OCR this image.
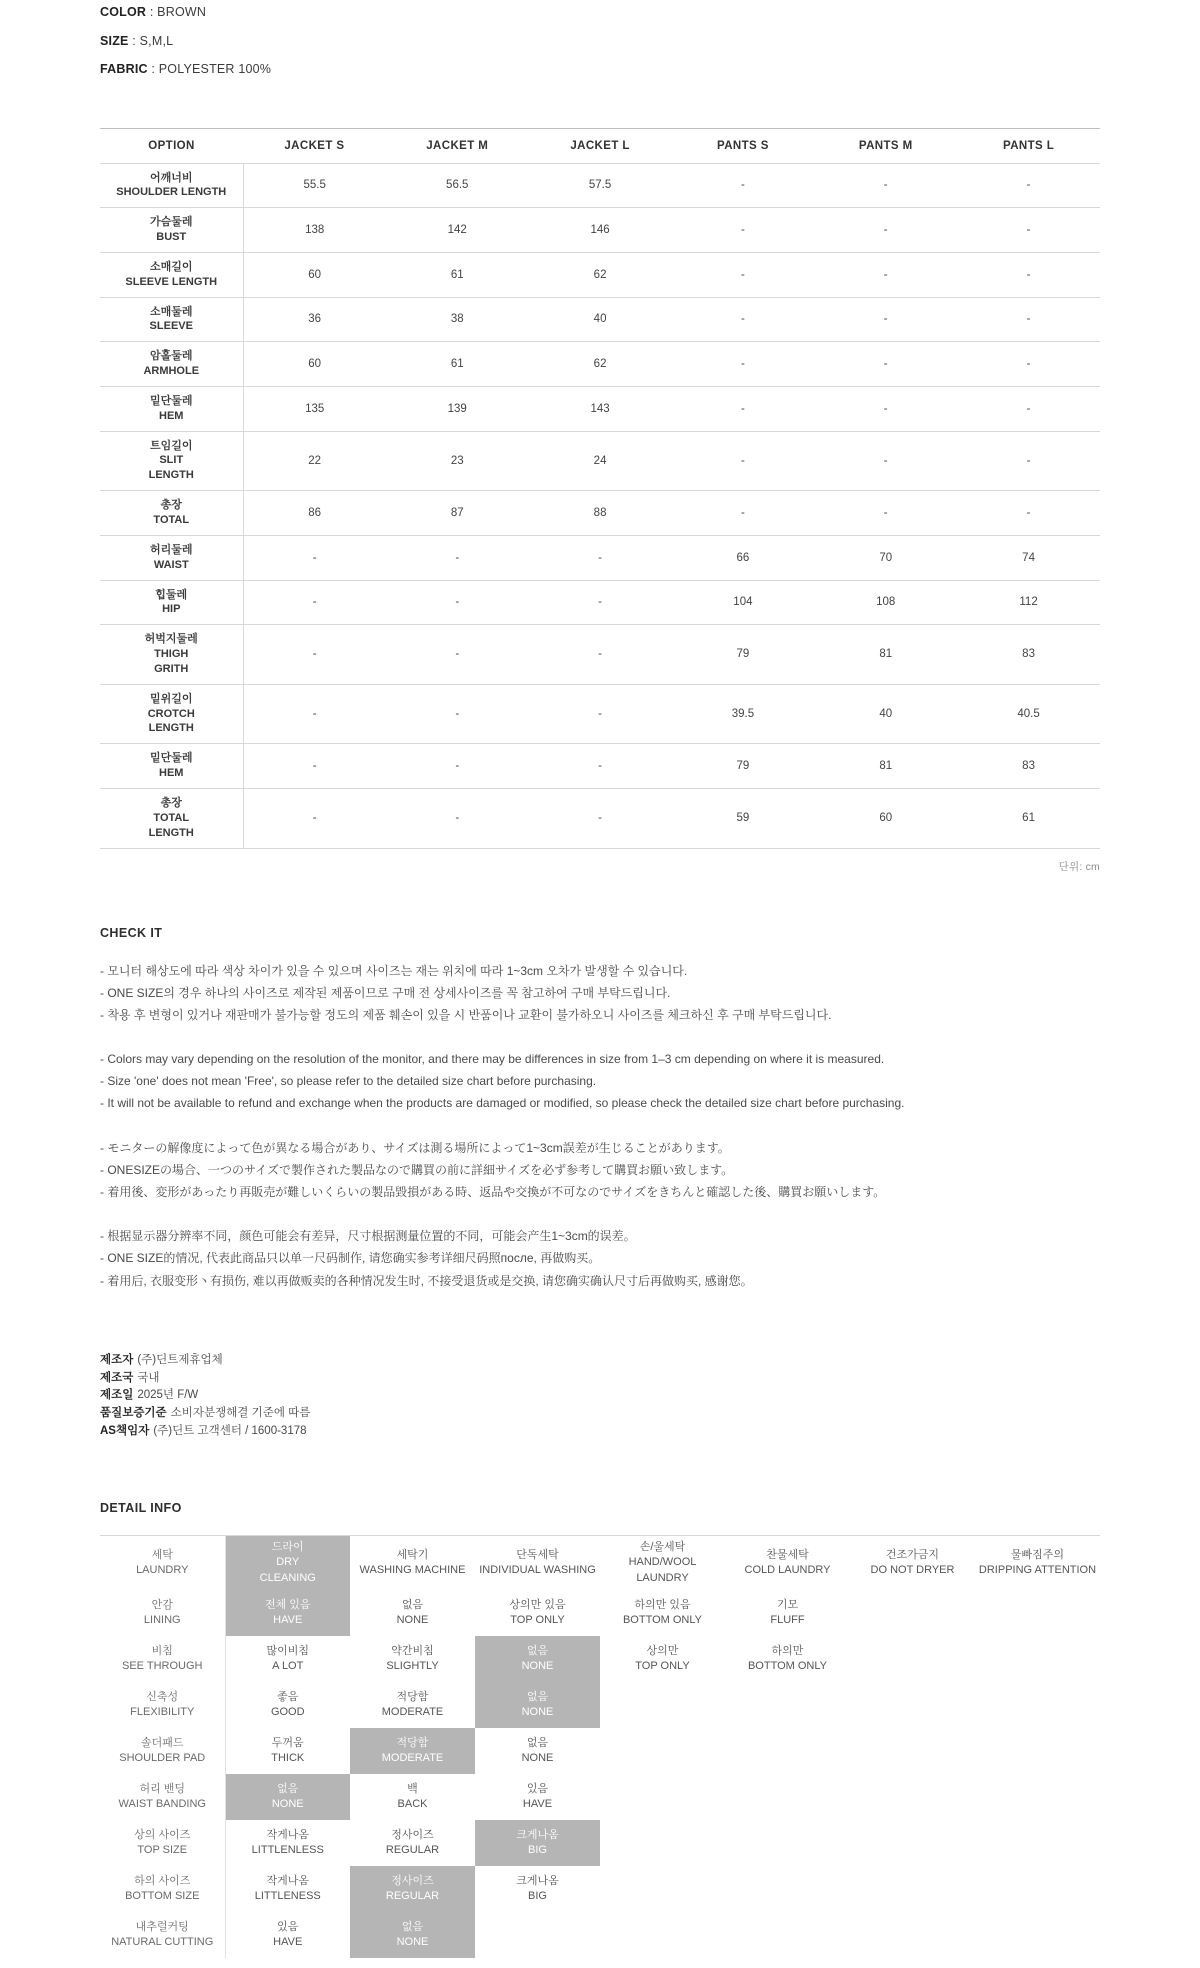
COLOR : BROWN
SIZE : S,M,L
FABRIC : POLYESTER 100%
OPTION	JACKET S	JACKET M	JACKET L	PANTS S	PANTS M	PANTS L

어깨너비
SHOULDER LENGTH	55.5	56.5	57.5	-	-	-

가슴둘레
BUST	138	142	146	-	-	-

소매길이
SLEEVE LENGTH	60	61	62	-	-	-

소매둘레
SLEEVE	36	38	40	-	-	-

암홀둘레
ARMHOLE	60	61	62	-	-	-

밑단둘레
HEM	135	139	143	-	-	-

트임길이
SLIT
LENGTH	22	23	24	-	-	-

총장
TOTAL	86	87	88	-	-	-

허리둘레
WAIST	-	-	-	66	70	74

힙둘레
HIP	-	-	-	104	108	112

허벅지둘레
THIGH
GRITH	-	-	-	79	81	83

밑위길이
CROTCH
LENGTH	-	-	-	39.5	40	40.5

밑단둘레
HEM	-	-	-	79	81	83

총장
TOTAL
LENGTH	-	-	-	59	60	61
단위: cm
CHECK IT
- 모니터 해상도에 따라 색상 차이가 있을 수 있으며 사이즈는 재는 위치에 따라 1~3cm 오차가 발생할 수 있습니다.
- ONE SIZE의 경우 하나의 사이즈로 제작된 제품이므로 구매 전 상세사이즈를 꼭 참고하여 구매 부탁드립니다.
- 착용 후 변형이 있거나 재판매가 불가능할 정도의 제품 훼손이 있을 시 반품이나 교환이 불가하오니 사이즈를 체크하신 후 구매 부탁드립니다.
- Colors may vary depending on the resolution of the monitor, and there may be differences in size from 1–3 cm depending on where it is measured.
- Size 'one' does not mean 'Free', so please refer to the detailed size chart before purchasing.
- It will not be available to refund and exchange when the products are damaged or modified, so please check the detailed size chart before purchasing.
- モニターの解像度によって色が異なる場合があり、サイズは測る場所によって1~3cm誤差が生じることがあります。
- ONESIZEの場合、一つのサイズで製作された製品なので購買の前に詳細サイズを必ず参考して購買お願い致します。
- 着用後、変形があったり再販売が難しいくらいの製品毀損がある時、返品や交換が不可なのでサイズをきちんと確認した後、購買お願いします。
- 根据显示器分辨率不同，颜色可能会有差异，尺寸根据测量位置的不同，可能会产生1~3cm的误差。
- ONE SIZE的情况, 代表此商品只以单一尺码制作, 请您确实参考详细尺码照после, 再做购买。
- 着用后, 衣服变形丶有损伤, 难以再做贩卖的各种情况发生时, 不接受退货或是交换, 请您确实确认尺寸后再做购买, 感谢您。
제조자 (주)딘트제휴업체
제조국 국내
제조일 2025년 F/W
품질보증기준 소비자분쟁해결 기준에 따름
AS책임자 (주)딘트 고객센터 / 1600-3178
DETAIL INFO
세탁
LAUNDRY	드라이
DRY
CLEANING	세탁기
WASHING MACHINE	단독세탁
INDIVIDUAL WASHING	손/울세탁
HAND/WOOL LAUNDRY	찬물세탁
COLD LAUNDRY	건조가금지
DO NOT DRYER	물빠짐주의
DRIPPING ATTENTION

안감
LINING	전체 있음
HAVE	없음
NONE	상의만 있음
TOP ONLY	하의만 있음
BOTTOM ONLY	기모
FLUFF		

비침
SEE THROUGH	많이비침
A LOT	약간비침
SLIGHTLY	없음
NONE	상의만
TOP ONLY	하의만
BOTTOM ONLY		

신축성
FLEXIBILITY	좋음
GOOD	적당함
MODERATE	없음
NONE				

솔더패드
SHOULDER PAD	두꺼움
THICK	적당함
MODERATE	없음
NONE				

허리 밴딩
WAIST BANDING	없음
NONE	백
BACK	있음
HAVE				

상의 사이즈
TOP SIZE	작게나옴
LITTLENLESS	정사이즈
REGULAR	크게나옴
BIG				

하의 사이즈
BOTTOM SIZE	작게나옴
LITTLENESS	정사이즈
REGULAR	크게나옴
BIG				

내추럴커팅
NATURAL CUTTING	있음
HAVE	없음
NONE					
